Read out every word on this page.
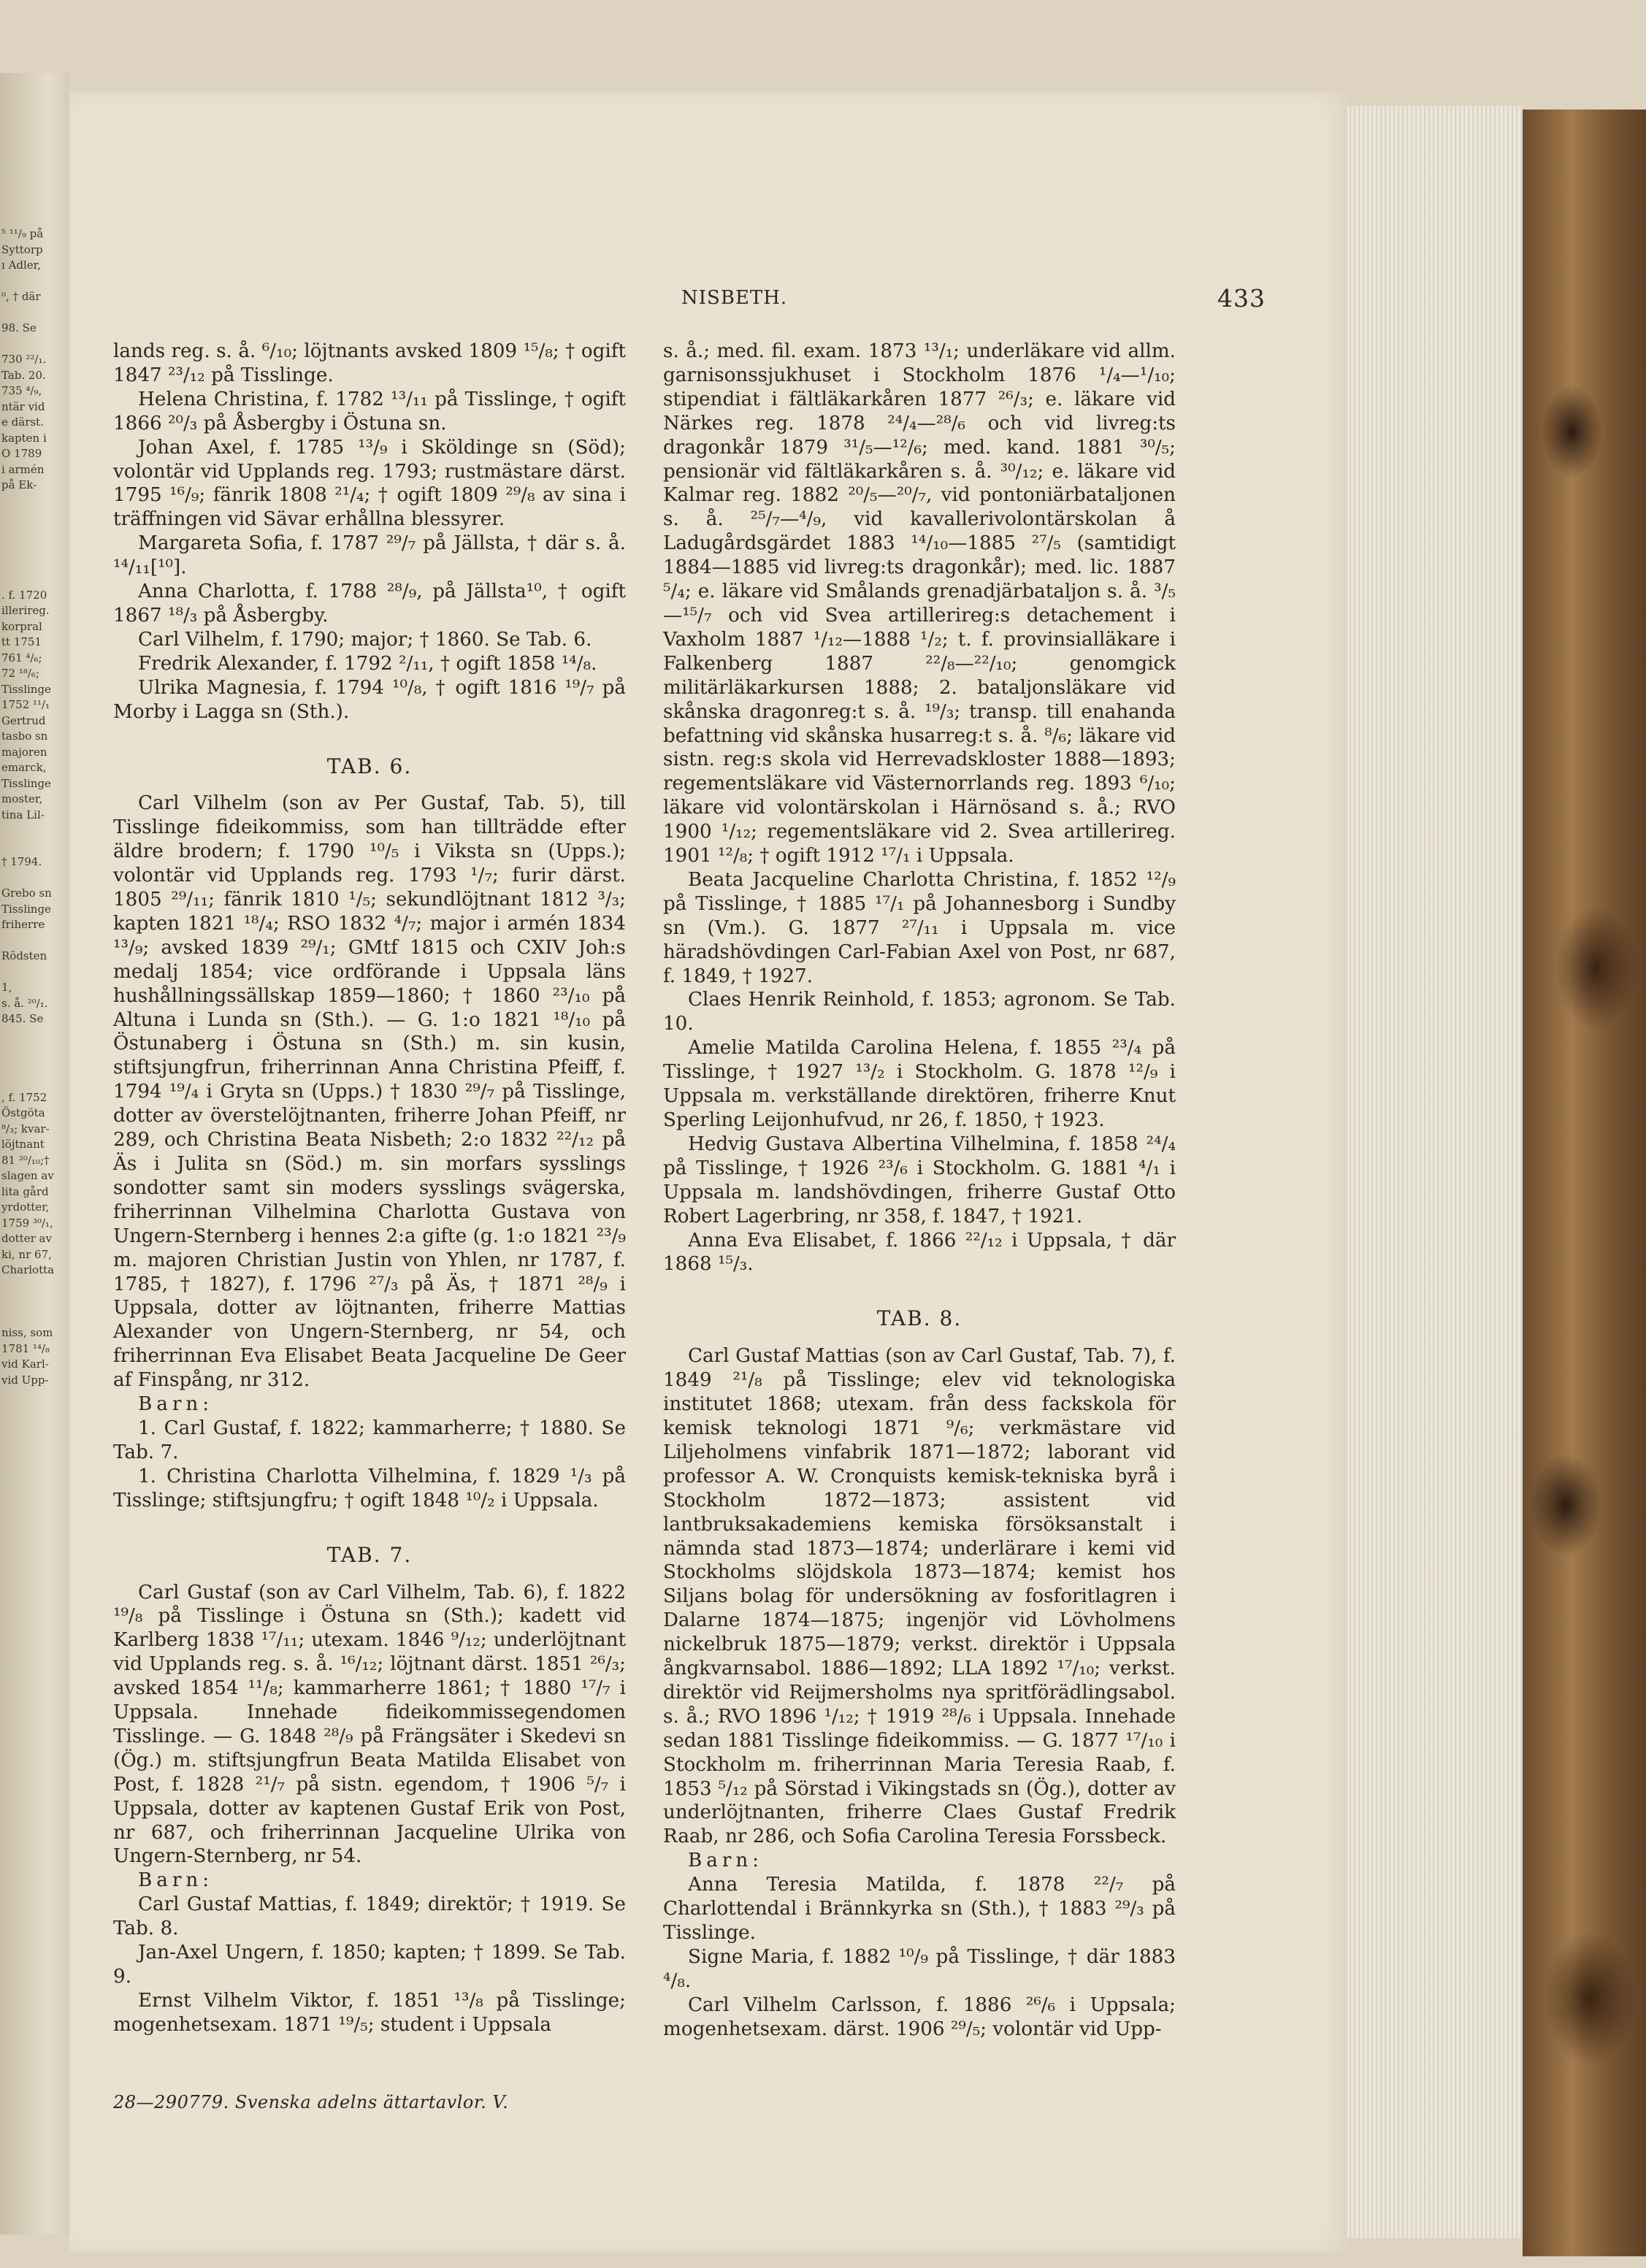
⁵ ¹¹/₉ på
Syttorp
ı Adler,

⁰, † där

98. Se

730 ²²/₁.
Tab. 20.
735 ⁴/₉,
ntär vid
e därst.
kapten i
O 1789
i armén
på Ek-

. f. 1720
illerireg.
korpral
tt 1751
761 ⁴/₆;
72 ¹⁸/₆;
Tisslinge
1752 ¹¹/₁
Gertrud
tasbo sn
majoren
emarck,
Tisslinge
moster,
tina Lil-

† 1794.

Grebo sn
Tisslinge
friherre

Rödsten

1,
s. å. ²⁰/₁.
845. Se

, f. 1752
Östgöta
⁸/₃; kvar-
löjtnant
81 ²⁰/₁₀;†
slagen av
lita gård
yrdotter,
1759 ³⁰/₁,
dotter av
ki, nr 67,
Charlotta

niss, som
1781 ¹⁴/₈
vid Karl-
vid Upp-
NISBETH.	433

lands reg. s. å. ⁶/₁₀; löjtnants avsked 1809 ¹⁵/₈; † ogift 1847 ²³/₁₂ på Tisslinge.

Helena Christina, f. 1782 ¹³/₁₁ på Tisslinge, † ogift 1866 ²⁰/₃ på Åsbergby i Östuna sn.

Johan Axel, f. 1785 ¹³/₉ i Sköldinge sn (Söd); volontär vid Upplands reg. 1793; rustmästare därst. 1795 ¹⁶/₉; fänrik 1808 ²¹/₄; † ogift 1809 ²⁹/₈ av sina i träffningen vid Sävar erhållna blessyrer.

Margareta Sofia, f. 1787 ²⁹/₇ på Jällsta, † där s. å. ¹⁴/₁₁[¹⁰].

Anna Charlotta, f. 1788 ²⁸/₉, på Jällsta¹⁰, † ogift 1867 ¹⁸/₃ på Åsbergby.

Carl Vilhelm, f. 1790; major; † 1860. Se Tab. 6.

Fredrik Alexander, f. 1792 ²/₁₁, † ogift 1858 ¹⁴/₈.

Ulrika Magnesia, f. 1794 ¹⁰/₈, † ogift 1816 ¹⁹/₇ på Morby i Lagga sn (Sth.).

TAB. 6.

Carl Vilhelm (son av Per Gustaf, Tab. 5), till Tisslinge fideikommiss, som han tillträdde efter äldre brodern; f. 1790 ¹⁰/₅ i Viksta sn (Upps.); volontär vid Upplands reg. 1793 ¹/₇; furir därst. 1805 ²⁹/₁₁; fänrik 1810 ¹/₅; sekundlöjtnant 1812 ³/₃; kapten 1821 ¹⁸/₄; RSO 1832 ⁴/₇; major i armén 1834 ¹³/₉; avsked 1839 ²⁹/₁; GMtf 1815 och CXIV Joh:s medalj 1854; vice ordförande i Uppsala läns hushållningssällskap 1859—1860; † 1860 ²³/₁₀ på Altuna i Lunda sn (Sth.). — G. 1:o 1821 ¹⁸/₁₀ på Östunaberg i Östuna sn (Sth.) m. sin kusin, stiftsjungfrun, friherrinnan Anna Christina Pfeiff, f. 1794 ¹⁹/₄ i Gryta sn (Upps.) † 1830 ²⁹/₇ på Tisslinge, dotter av överstelöjtnanten, friherre Johan Pfeiff, nr 289, och Christina Beata Nisbeth; 2:o 1832 ²²/₁₂ på Äs i Julita sn (Söd.) m. sin morfars sysslings sondotter samt sin moders sysslings svägerska, friherrinnan Vilhelmina Charlotta Gustava von Ungern-Sternberg i hennes 2:a gifte (g. 1:o 1821 ²³/₉ m. majoren Christian Justin von Yhlen, nr 1787, f. 1785, † 1827), f. 1796 ²⁷/₃ på Äs, † 1871 ²⁸/₉ i Uppsala, dotter av löjtnanten, friherre Mattias Alexander von Ungern-Sternberg, nr 54, och friherrinnan Eva Elisabet Beata Jacqueline De Geer af Finspång, nr 312.

Barn:

1. Carl Gustaf, f. 1822; kammarherre; † 1880. Se Tab. 7.

1. Christina Charlotta Vilhelmina, f. 1829 ¹/₃ på Tisslinge; stiftsjungfru; † ogift 1848 ¹⁰/₂ i Uppsala.

TAB. 7.

Carl Gustaf (son av Carl Vilhelm, Tab. 6), f. 1822 ¹⁹/₈ på Tisslinge i Östuna sn (Sth.); kadett vid Karlberg 1838 ¹⁷/₁₁; utexam. 1846 ⁹/₁₂; underlöjtnant vid Upplands reg. s. å. ¹⁶/₁₂; löjtnant därst. 1851 ²⁶/₃; avsked 1854 ¹¹/₈; kammarherre 1861; † 1880 ¹⁷/₇ i Uppsala. Innehade fideikommissegendomen Tisslinge. — G. 1848 ²⁸/₉ på Frängsäter i Skedevi sn (Ög.) m. stiftsjungfrun Beata Matilda Elisabet von Post, f. 1828 ²¹/₇ på sistn. egendom, † 1906 ⁵/₇ i Uppsala, dotter av kaptenen Gustaf Erik von Post, nr 687, och friherrinnan Jacqueline Ulrika von Ungern-Sternberg, nr 54.

Barn:

Carl Gustaf Mattias, f. 1849; direktör; † 1919. Se Tab. 8.

Jan-Axel Ungern, f. 1850; kapten; † 1899. Se Tab. 9.

Ernst Vilhelm Viktor, f. 1851 ¹³/₈ på Tisslinge; mogenhetsexam. 1871 ¹⁹/₅; student i Uppsala

s. å.; med. fil. exam. 1873 ¹³/₁; underläkare vid allm. garnisonssjukhuset i Stockholm 1876 ¹/₄—¹/₁₀; stipendiat i fältläkarkåren 1877 ²⁶/₃; e. läkare vid Närkes reg. 1878 ²⁴/₄—²⁸/₆ och vid livreg:ts dragonkår 1879 ³¹/₅—¹²/₆; med. kand. 1881 ³⁰/₅; pensionär vid fältläkarkåren s. å. ³⁰/₁₂; e. läkare vid Kalmar reg. 1882 ²⁰/₅—²⁰/₇, vid pontoniärbataljonen s. å. ²⁵/₇—⁴/₉, vid kavallerivolontärskolan å Ladugårdsgärdet 1883 ¹⁴/₁₀—1885 ²⁷/₅ (samtidigt 1884—1885 vid livreg:ts dragonkår); med. lic. 1887 ⁵/₄; e. läkare vid Smålands grenadjärbataljon s. å. ³/₅—¹⁵/₇ och vid Svea artillerireg:s detachement i Vaxholm 1887 ¹/₁₂—1888 ¹/₂; t. f. provinsialläkare i Falkenberg 1887 ²²/₈—²²/₁₀; genomgick militärläkarkursen 1888; 2. bataljonsläkare vid skånska dragonreg:t s. å. ¹⁹/₃; transp. till enahanda befattning vid skånska husarreg:t s. å. ⁸/₆; läkare vid sistn. reg:s skola vid Herrevadskloster 1888—1893; regementsläkare vid Västernorrlands reg. 1893 ⁶/₁₀; läkare vid volontärskolan i Härnösand s. å.; RVO 1900 ¹/₁₂; regementsläkare vid 2. Svea artillerireg. 1901 ¹²/₈; † ogift 1912 ¹⁷/₁ i Uppsala.

Beata Jacqueline Charlotta Christina, f. 1852 ¹²/₉ på Tisslinge, † 1885 ¹⁷/₁ på Johannesborg i Sundby sn (Vm.). G. 1877 ²⁷/₁₁ i Uppsala m. vice häradshövdingen Carl-Fabian Axel von Post, nr 687, f. 1849, † 1927.

Claes Henrik Reinhold, f. 1853; agronom. Se Tab. 10.

Amelie Matilda Carolina Helena, f. 1855 ²³/₄ på Tisslinge, † 1927 ¹³/₂ i Stockholm. G. 1878 ¹²/₉ i Uppsala m. verkställande direktören, friherre Knut Sperling Leijonhufvud, nr 26, f. 1850, † 1923.

Hedvig Gustava Albertina Vilhelmina, f. 1858 ²⁴/₄ på Tisslinge, † 1926 ²³/₆ i Stockholm. G. 1881 ⁴/₁ i Uppsala m. landshövdingen, friherre Gustaf Otto Robert Lagerbring, nr 358, f. 1847, † 1921.

Anna Eva Elisabet, f. 1866 ²²/₁₂ i Uppsala, † där 1868 ¹⁵/₃.

TAB. 8.

Carl Gustaf Mattias (son av Carl Gustaf, Tab. 7), f. 1849 ²¹/₈ på Tisslinge; elev vid teknologiska institutet 1868; utexam. från dess fackskola för kemisk teknologi 1871 ⁹/₆; verkmästare vid Liljeholmens vinfabrik 1871—1872; laborant vid professor A. W. Cronquists kemisk-tekniska byrå i Stockholm 1872—1873; assistent vid lantbruksakademiens kemiska försöksanstalt i nämnda stad 1873—1874; underlärare i kemi vid Stockholms slöjdskola 1873—1874; kemist hos Siljans bolag för undersökning av fosforitlagren i Dalarne 1874—1875; ingenjör vid Lövholmens nickelbruk 1875—1879; verkst. direktör i Uppsala ångkvarnsabol. 1886—1892; LLA 1892 ¹⁷/₁₀; verkst. direktör vid Reijmersholms nya spritförädlingsabol. s. å.; RVO 1896 ¹/₁₂; † 1919 ²⁸/₆ i Uppsala. Innehade sedan 1881 Tisslinge fideikommiss. — G. 1877 ¹⁷/₁₀ i Stockholm m. friherrinnan Maria Teresia Raab, f. 1853 ⁵/₁₂ på Sörstad i Vikingstads sn (Ög.), dotter av underlöjtnanten, friherre Claes Gustaf Fredrik Raab, nr 286, och Sofia Carolina Teresia Forssbeck.

Barn:

Anna Teresia Matilda, f. 1878 ²²/₇ på Charlottendal i Brännkyrka sn (Sth.), † 1883 ²⁹/₃ på Tisslinge.

Signe Maria, f. 1882 ¹⁰/₉ på Tisslinge, † där 1883 ⁴/₈.

Carl Vilhelm Carlsson, f. 1886 ²⁶/₆ i Uppsala; mogenhetsexam. därst. 1906 ²⁹/₅; volontär vid Upp-

28—290779. Svenska adelns ättartavlor. V.
